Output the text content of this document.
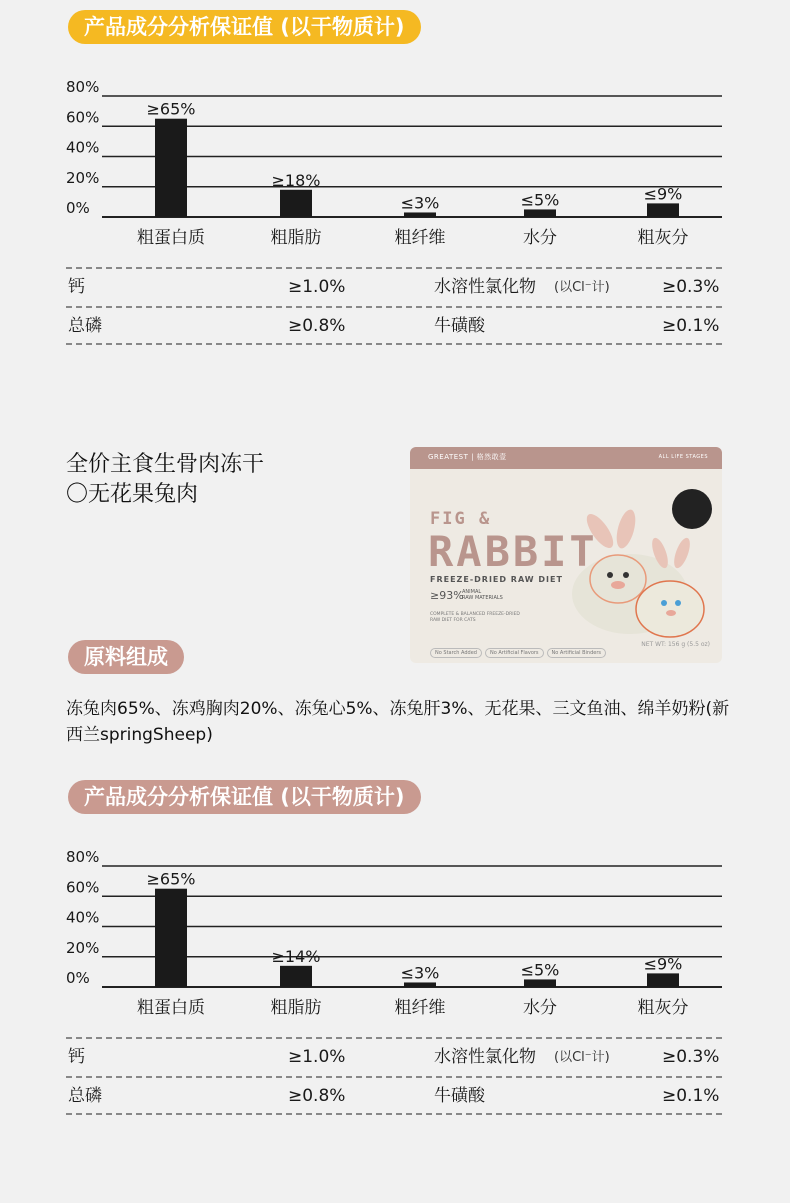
产品成分分析保证值 (以干物质计)
80%
60%
40%
20%
0%
≥65%
粗蛋白质
≥18%
粗脂肪
≤3%
粗纤维
≤5%
水分
≤9%
粗灰分
钙	≥1.0%	水溶性氯化物 (以Cl⁻计)	≥0.3%
总磷	≥0.8%	牛磺酸	≥0.1%
全价主食生骨肉冻干
〇无花果兔肉
GREATEST | 格然敢壹	ALL LIFE STAGES
FIG &
RABBIT
FREEZE-DRIED RAW DIET
≥93%
ANIMAL
RAW MATERIALS
COMPLETE & BALANCED FREEZE-DRIED
RAW DIET FOR CATS
No Starch Added	No Artificial Flavors	No Artificial Binders
NET WT: 156 g (5.5 oz)
原料组成
冻兔肉65%、冻鸡胸肉20%、冻兔心5%、冻兔肝3%、无花果、三文鱼油、绵羊奶粉(新西兰springSheep)
产品成分分析保证值 (以干物质计)
80%
60%
40%
20%
0%
≥65%
粗蛋白质
≥14%
粗脂肪
≤3%
粗纤维
≤5%
水分
≤9%
粗灰分
钙	≥1.0%	水溶性氯化物 (以Cl⁻计)	≥0.3%
总磷	≥0.8%	牛磺酸	≥0.1%
